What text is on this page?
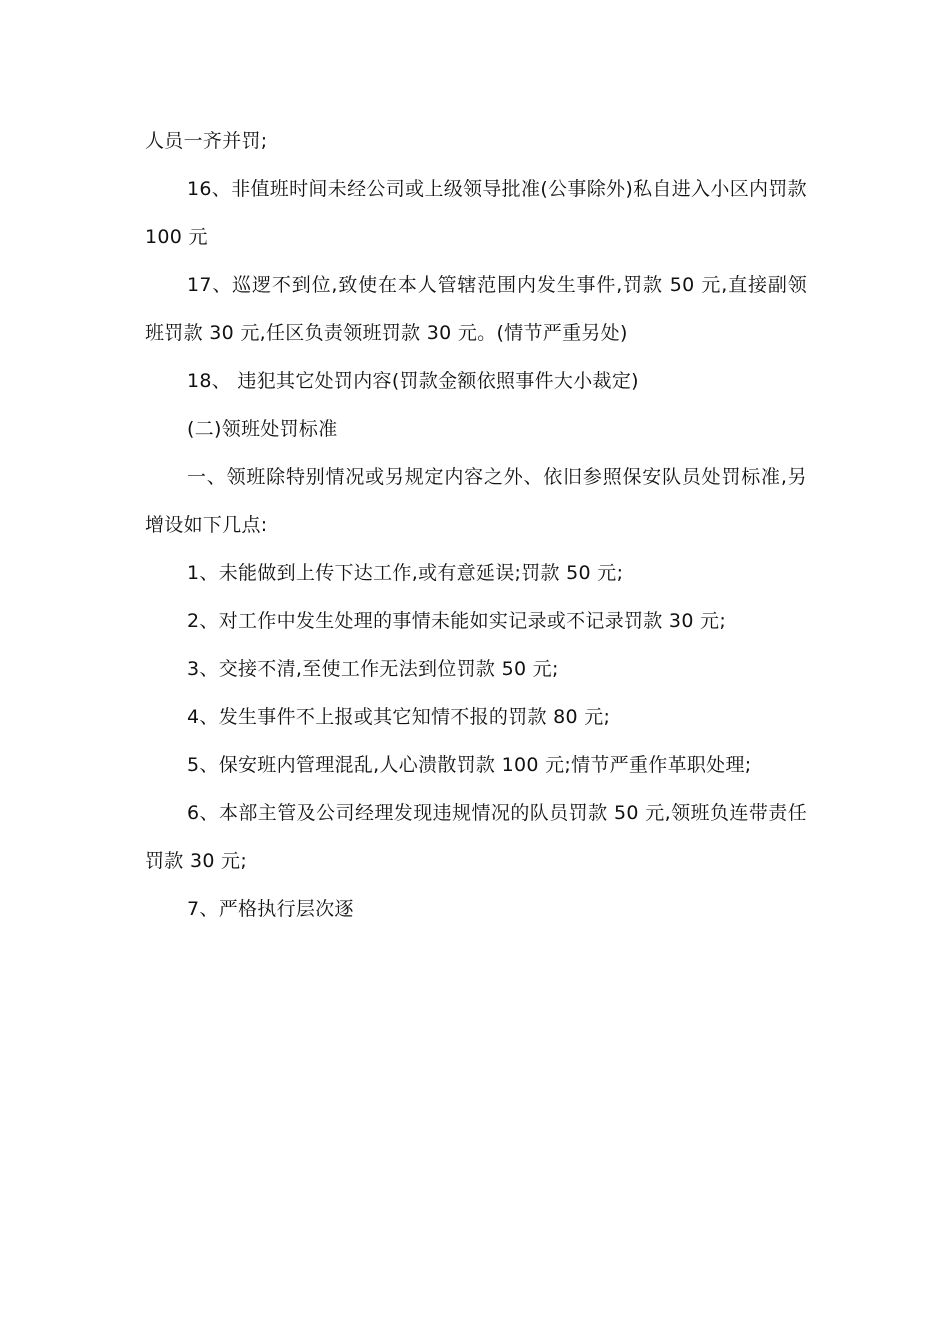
人员一齐并罚;

16、非值班时间未经公司或上级领导批准(公事除外)私自进入小区内罚款 100 元

17、巡逻不到位,致使在本人管辖范围内发生事件,罚款 50 元,直接副领班罚款 30 元,任区负责领班罚款 30 元。(情节严重另处)

18、 违犯其它处罚内容(罚款金额依照事件大小裁定)

(二)领班处罚标准

一、领班除特别情况或另规定内容之外、依旧参照保安队员处罚标准,另增设如下几点:

1、未能做到上传下达工作,或有意延误;罚款 50 元;

2、对工作中发生处理的事情未能如实记录或不记录罚款 30 元;

3、交接不清,至使工作无法到位罚款 50 元;

4、发生事件不上报或其它知情不报的罚款 80 元;

5、保安班内管理混乱,人心溃散罚款 100 元;情节严重作革职处理;

6、本部主管及公司经理发现违规情况的队员罚款 50 元,领班负连带责任罚款 30 元;

7、严格执行层次逐
